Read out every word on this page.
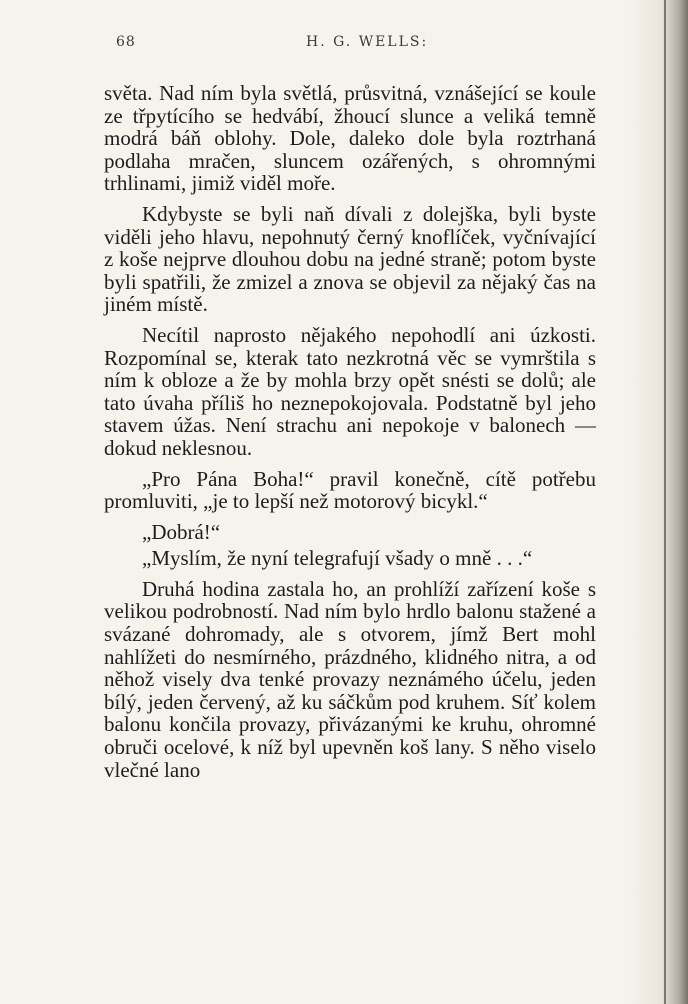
68	H. G. WELLS:

světa. Nad ním byla světlá, průsvitná, vznášející se koule ze třpytícího se hedvábí, žhoucí slunce a veliká temně modrá báň oblohy. Dole, daleko dole byla roztrhaná podlaha mračen, sluncem ozářených, s ohromnými trhlinami, jimiž viděl moře.

Kdybyste se byli naň dívali z dolejška, byli byste viděli jeho hlavu, nepohnutý černý knoflíček, vyčnívající z koše nejprve dlouhou dobu na jedné straně; potom byste byli spatřili, že zmizel a znova se objevil za nějaký čas na jiném místě.

Necítil naprosto nějakého nepohodlí ani úzkosti. Rozpomínal se, kterak tato nezkrotná věc se vymrštila s ním k obloze a že by mohla brzy opět snésti se dolů; ale tato úvaha příliš ho neznepokojovala. Podstatně byl jeho stavem úžas. Není strachu ani nepokoje v balonech — dokud neklesnou.

„Pro Pána Boha!“ pravil konečně, cítě potřebu promluviti, „je to lepší než motorový bicykl.“

„Dobrá!“

„Myslím, že nyní telegrafují všady o mně . . .“

Druhá hodina zastala ho, an prohlíží zařízení koše s velikou podrobností. Nad ním bylo hrdlo balonu stažené a svázané dohromady, ale s otvorem, jímž Bert mohl nahlížeti do nesmírného, prázdného, klidného nitra, a od něhož visely dva tenké provazy neznámého účelu, jeden bílý, jeden červený, až ku sáčkům pod kruhem. Síť kolem balonu končila provazy, přivázanými ke kruhu, ohromné obruči ocelové, k níž byl upevněn koš lany. S něho viselo vlečné lano
